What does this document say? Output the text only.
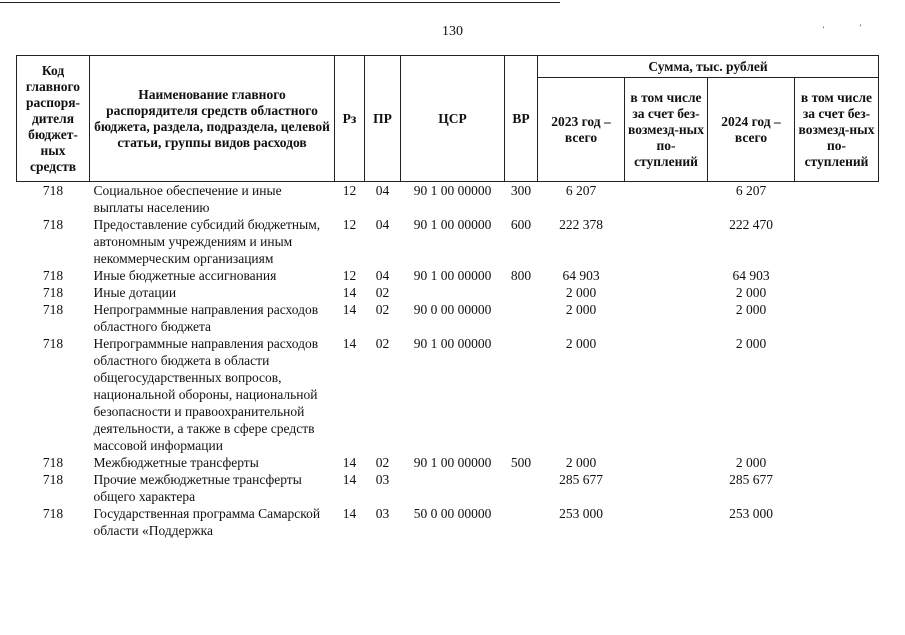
130	'	'
Код главного распоря-дителя бюджет-ных средств	Наименование главного распорядителя средств областного бюджета, раздела, подраздела, целевой статьи, группы видов расходов	Рз	ПР	ЦСР	ВР	Сумма, тыс. рублей			
						2023 год – всего	в том числе за счет без-возмезд-ных по-ступлений	2024 год – всего	в том числе за счет без-возмезд-ных по-ступлений
718	Социальное обеспечение и иные выплаты населению	12	04	90 1 00 00000	300	6 207		6 207	
718	Предоставление субсидий бюджетным, автономным учреждениям и иным некоммерческим организациям	12	04	90 1 00 00000	600	222 378		222 470	
718	Иные бюджетные ассигнования	12	04	90 1 00 00000	800	64 903		64 903	
718	Иные дотации	14	02			2 000		2 000	
718	Непрограммные направления расходов областного бюджета	14	02	90 0 00 00000		2 000		2 000	
718	Непрограммные направления расходов областного бюджета в области общегосударственных вопросов, национальной обороны, национальной безопасности и правоохранительной деятельности, а также в сфере средств массовой информации	14	02	90 1 00 00000		2 000		2 000	
718	Межбюджетные трансферты	14	02	90 1 00 00000	500	2 000		2 000	
718	Прочие межбюджетные трансферты общего характера	14	03			285 677		285 677	
718	Государственная программа Самарской области «Поддержка	14	03	50 0 00 00000		253 000		253 000	
